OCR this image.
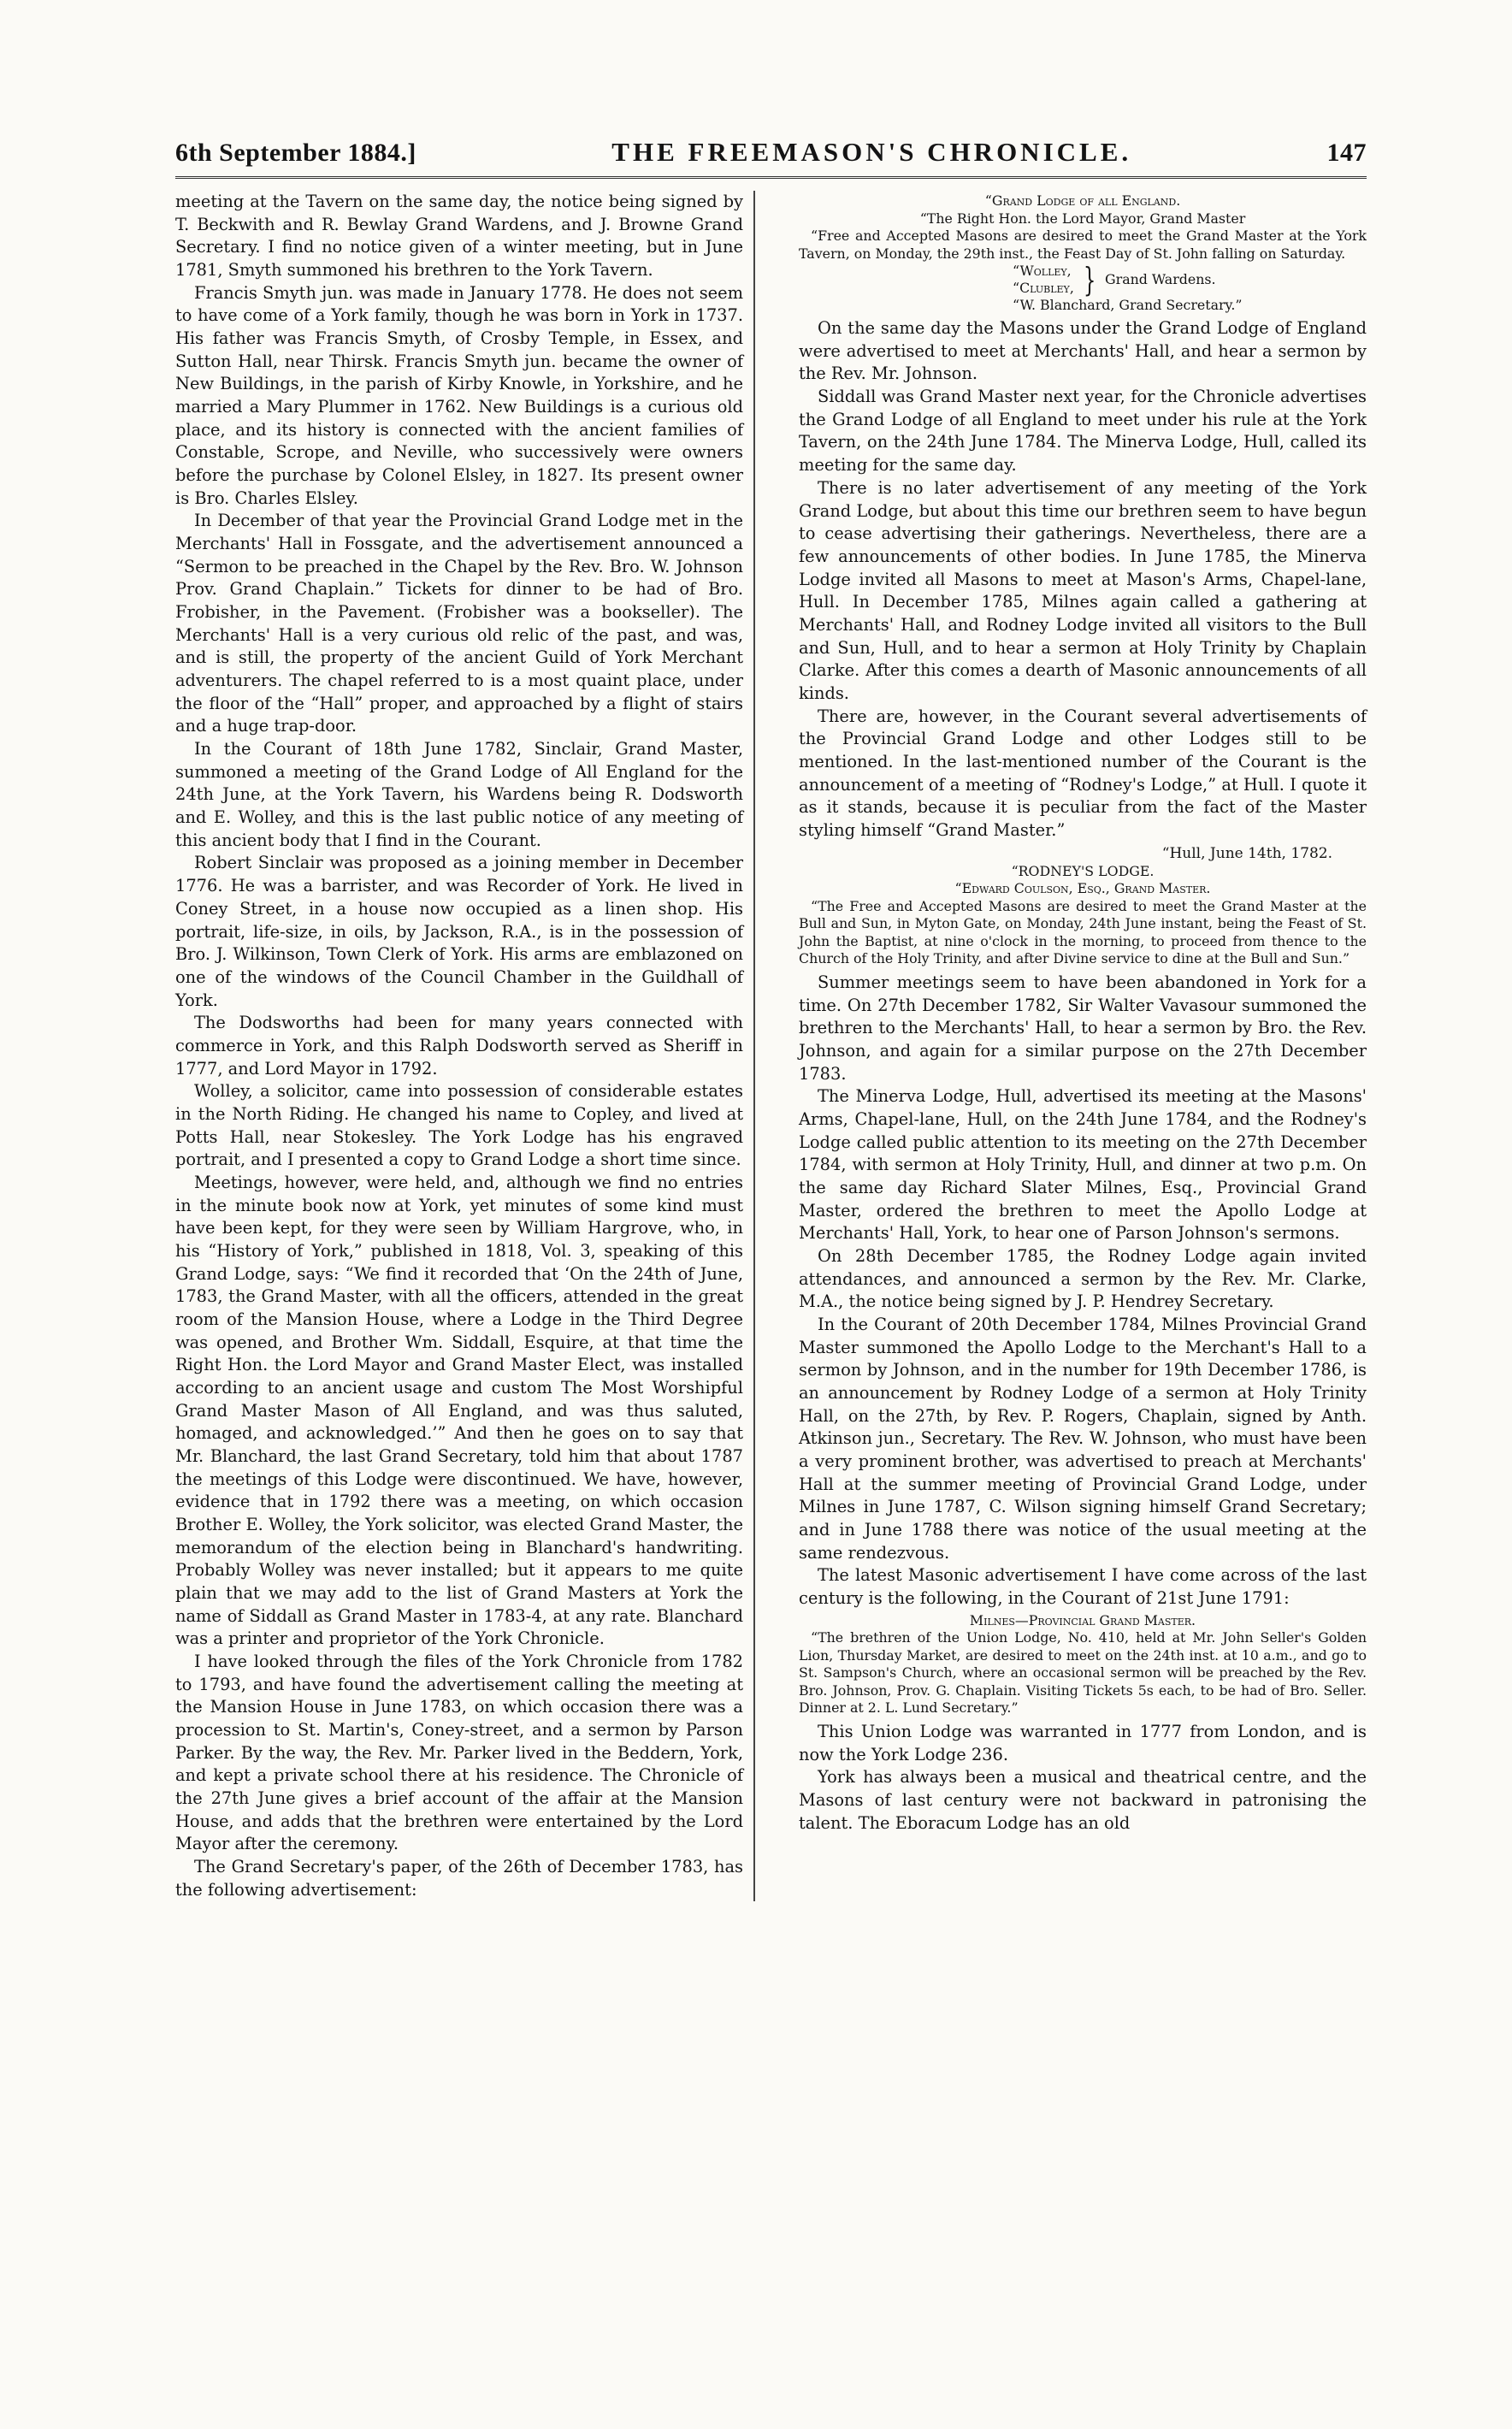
6th September 1884.]	THE FREEMASON'S CHRONICLE.	147

meeting at the Tavern on the same day, the notice being signed by T. Beckwith and R. Bewlay Grand Wardens, and J. Browne Grand Secretary. I find no notice given of a winter meeting, but in June 1781, Smyth summoned his brethren to the York Tavern.

Francis Smyth jun. was made in January 1778. He does not seem to have come of a York family, though he was born in York in 1737. His father was Francis Smyth, of Crosby Temple, in Essex, and Sutton Hall, near Thirsk. Francis Smyth jun. became the owner of New Buildings, in the parish of Kirby Knowle, in Yorkshire, and he married a Mary Plummer in 1762. New Buildings is a curious old place, and its history is connected with the ancient families of Constable, Scrope, and Neville, who successively were owners before the purchase by Colonel Elsley, in 1827. Its present owner is Bro. Charles Elsley.

In December of that year the Provincial Grand Lodge met in the Merchants' Hall in Fossgate, and the advertisement announced a “Sermon to be preached in the Chapel by the Rev. Bro. W. Johnson Prov. Grand Chaplain.” Tickets for dinner to be had of Bro. Frobisher, in the Pavement. (Frobisher was a bookseller). The Merchants' Hall is a very curious old relic of the past, and was, and is still, the property of the ancient Guild of York Merchant adventurers. The chapel referred to is a most quaint place, under the floor of the “Hall” proper, and approached by a flight of stairs and a huge trap-door.

In the Courant of 18th June 1782, Sinclair, Grand Master, summoned a meeting of the Grand Lodge of All England for the 24th June, at the York Tavern, his Wardens being R. Dodsworth and E. Wolley, and this is the last public notice of any meeting of this ancient body that I find in the Courant.

Robert Sinclair was proposed as a joining member in December 1776. He was a barrister, and was Recorder of York. He lived in Coney Street, in a house now occupied as a linen shop. His portrait, life-size, in oils, by Jackson, R.A., is in the possession of Bro. J. Wilkinson, Town Clerk of York. His arms are emblazoned on one of the windows of the Council Chamber in the Guildhall of York.

The Dodsworths had been for many years connected with commerce in York, and this Ralph Dodsworth served as Sheriff in 1777, and Lord Mayor in 1792.

Wolley, a solicitor, came into possession of considerable estates in the North Riding. He changed his name to Copley, and lived at Potts Hall, near Stokesley. The York Lodge has his engraved portrait, and I presented a copy to Grand Lodge a short time since.

Meetings, however, were held, and, although we find no entries in the minute book now at York, yet minutes of some kind must have been kept, for they were seen by William Hargrove, who, in his “History of York,” published in 1818, Vol. 3, speaking of this Grand Lodge, says: “We find it recorded that ‘On the 24th of June, 1783, the Grand Master, with all the officers, attended in the great room of the Mansion House, where a Lodge in the Third Degree was opened, and Brother Wm. Siddall, Esquire, at that time the Right Hon. the Lord Mayor and Grand Master Elect, was installed according to an ancient usage and custom The Most Worshipful Grand Master Mason of All England, and was thus saluted, homaged, and acknowledged.’” And then he goes on to say that Mr. Blanchard, the last Grand Secretary, told him that about 1787 the meetings of this Lodge were discontinued. We have, however, evidence that in 1792 there was a meeting, on which occasion Brother E. Wolley, the York solicitor, was elected Grand Master, the memorandum of the election being in Blanchard's handwriting. Probably Wolley was never installed; but it appears to me quite plain that we may add to the list of Grand Masters at York the name of Siddall as Grand Master in 1783-4, at any rate. Blanchard was a printer and proprietor of the York Chronicle.

I have looked through the files of the York Chronicle from 1782 to 1793, and have found the advertisement calling the meeting at the Mansion House in June 1783, on which occasion there was a procession to St. Martin's, Coney-street, and a sermon by Parson Parker. By the way, the Rev. Mr. Parker lived in the Beddern, York, and kept a private school there at his residence. The Chronicle of the 27th June gives a brief account of the affair at the Mansion House, and adds that the brethren were entertained by the Lord Mayor after the ceremony.

The Grand Secretary's paper, of the 26th of December 1783, has the following advertisement:

“Grand Lodge of all England.
“The Right Hon. the Lord Mayor, Grand Master
“Free and Accepted Masons are desired to meet the Grand Master at the York Tavern, on Monday, the 29th inst., the Feast Day of St. John falling on Saturday.
“Wolley,
“Clubley, } Grand Wardens.
“W. Blanchard, Grand Secretary.”

On the same day the Masons under the Grand Lodge of England were advertised to meet at Merchants' Hall, and hear a sermon by the Rev. Mr. Johnson.

Siddall was Grand Master next year, for the Chronicle advertises the Grand Lodge of all England to meet under his rule at the York Tavern, on the 24th June 1784. The Minerva Lodge, Hull, called its meeting for the same day.

There is no later advertisement of any meeting of the York Grand Lodge, but about this time our brethren seem to have begun to cease advertising their gatherings. Nevertheless, there are a few announcements of other bodies. In June 1785, the Minerva Lodge invited all Masons to meet at Mason's Arms, Chapel-lane, Hull. In December 1785, Milnes again called a gathering at Merchants' Hall, and Rodney Lodge invited all visitors to the Bull and Sun, Hull, and to hear a sermon at Holy Trinity by Chaplain Clarke. After this comes a dearth of Masonic announcements of all kinds.

There are, however, in the Courant several advertisements of the Provincial Grand Lodge and other Lodges still to be mentioned. In the last-mentioned number of the Courant is the announcement of a meeting of “Rodney's Lodge,” at Hull. I quote it as it stands, because it is peculiar from the fact of the Master styling himself “Grand Master.”

“Hull, June 14th, 1782.
“RODNEY'S LODGE.
“Edward Coulson, Esq., Grand Master.
“The Free and Accepted Masons are desired to meet the Grand Master at the Bull and Sun, in Myton Gate, on Monday, 24th June instant, being the Feast of St. John the Baptist, at nine o'clock in the morning, to proceed from thence to the Church of the Holy Trinity, and after Divine service to dine at the Bull and Sun.”

Summer meetings seem to have been abandoned in York for a time. On 27th December 1782, Sir Walter Vavasour summoned the brethren to the Merchants' Hall, to hear a sermon by Bro. the Rev. Johnson, and again for a similar purpose on the 27th December 1783.

The Minerva Lodge, Hull, advertised its meeting at the Masons' Arms, Chapel-lane, Hull, on the 24th June 1784, and the Rodney's Lodge called public attention to its meeting on the 27th December 1784, with sermon at Holy Trinity, Hull, and dinner at two p.m. On the same day Richard Slater Milnes, Esq., Provincial Grand Master, ordered the brethren to meet the Apollo Lodge at Merchants' Hall, York, to hear one of Parson Johnson's sermons.

On 28th December 1785, the Rodney Lodge again invited attendances, and announced a sermon by the Rev. Mr. Clarke, M.A., the notice being signed by J. P. Hendrey Secretary.

In the Courant of 20th December 1784, Milnes Provincial Grand Master summoned the Apollo Lodge to the Merchant's Hall to a sermon by Johnson, and in the number for 19th December 1786, is an announcement by Rodney Lodge of a sermon at Holy Trinity Hall, on the 27th, by Rev. P. Rogers, Chaplain, signed by Anth. Atkinson jun., Secretary. The Rev. W. Johnson, who must have been a very prominent brother, was advertised to preach at Merchants' Hall at the summer meeting of Provincial Grand Lodge, under Milnes in June 1787, C. Wilson signing himself Grand Secretary; and in June 1788 there was notice of the usual meeting at the same rendezvous.

The latest Masonic advertisement I have come across of the last century is the following, in the Courant of 21st June 1791:

Milnes—Provincial Grand Master.
“The brethren of the Union Lodge, No. 410, held at Mr. John Seller's Golden Lion, Thursday Market, are desired to meet on the 24th inst. at 10 a.m., and go to St. Sampson's Church, where an occasional sermon will be preached by the Rev. Bro. Johnson, Prov. G. Chaplain. Visiting Tickets 5s each, to be had of Bro. Seller. Dinner at 2. L. Lund Secretary.”

This Union Lodge was warranted in 1777 from London, and is now the York Lodge 236.

York has always been a musical and theatrical centre, and the Masons of last century were not backward in patronising the talent. The Eboracum Lodge has an old
